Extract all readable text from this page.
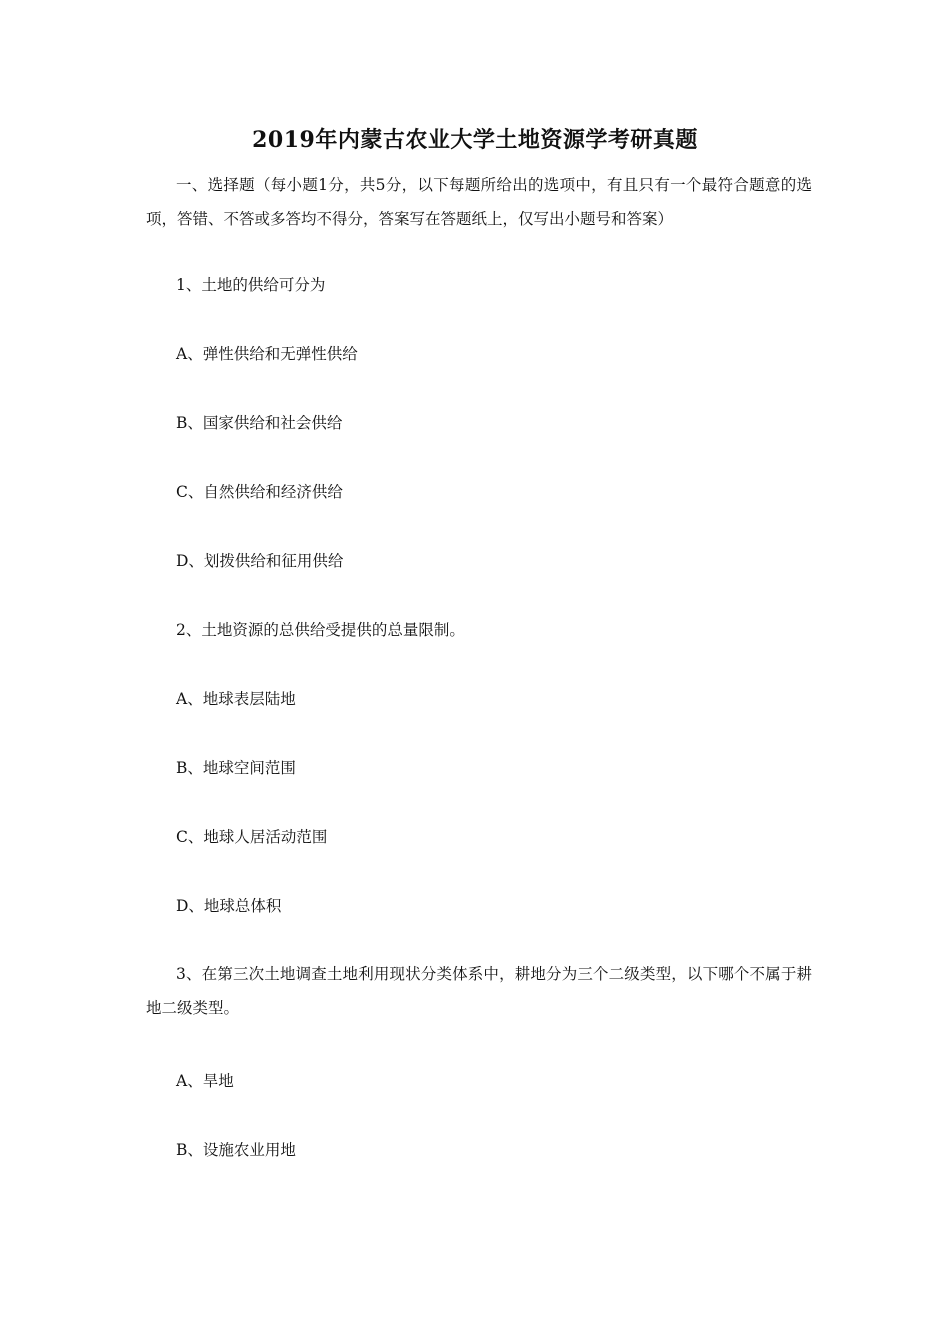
2019年内蒙古农业大学土地资源学考研真题
一、选择题（每小题1分，共5分，以下每题所给出的选项中，有且只有一个最符合题意的选项，答错、不答或多答均不得分，答案写在答题纸上，仅写出小题号和答案）
1、土地的供给可分为
A、弹性供给和无弹性供给
B、国家供给和社会供给
C、自然供给和经济供给
D、划拨供给和征用供给
2、土地资源的总供给受提供的总量限制。
A、地球表层陆地
B、地球空间范围
C、地球人居活动范围
D、地球总体积
3、在第三次土地调查土地利用现状分类体系中，耕地分为三个二级类型，以下哪个不属于耕地二级类型。
A、旱地
B、设施农业用地
